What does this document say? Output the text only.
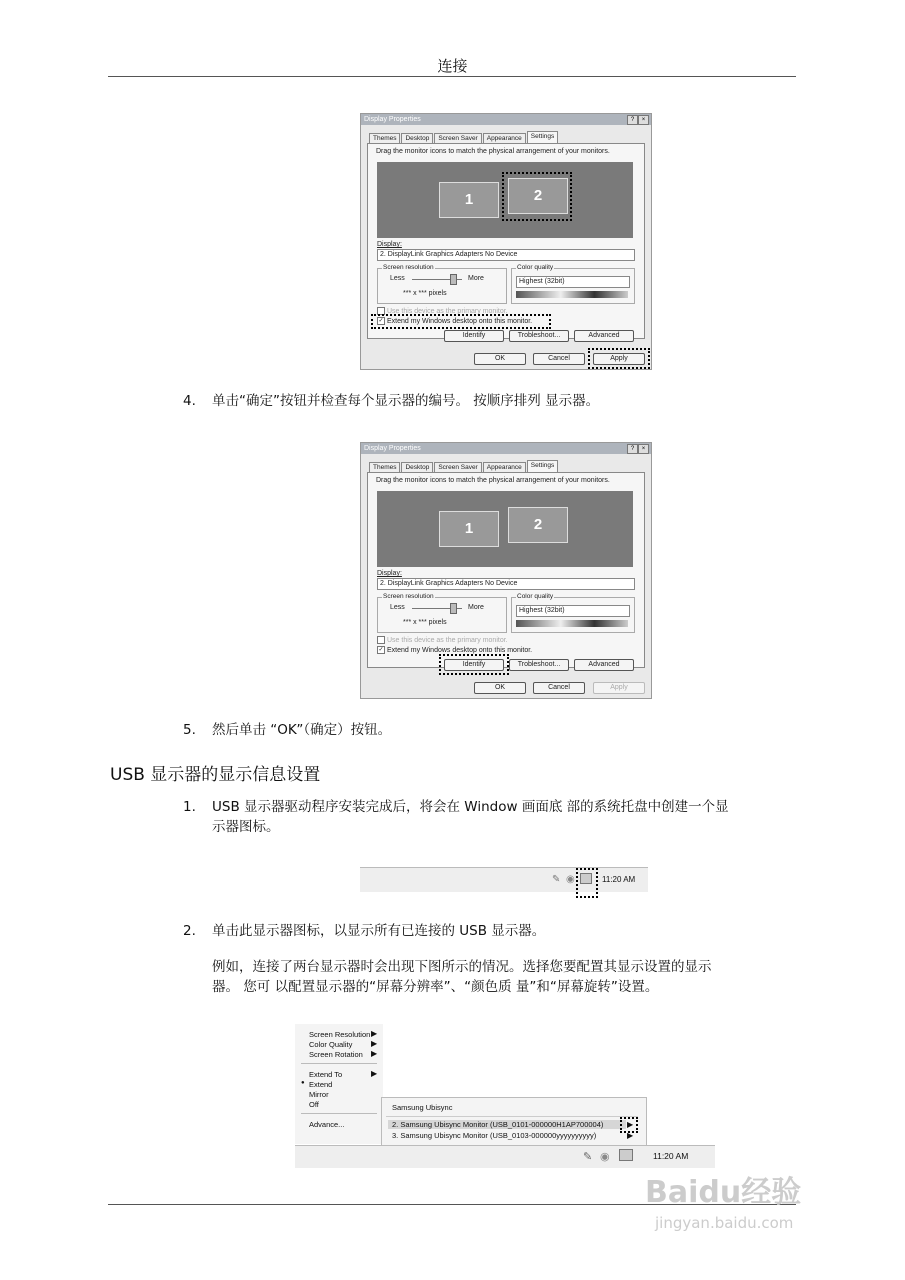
连接
Display Properties	?	×
Themes Desktop Screen Saver Appearance Settings
Drag the monitor icons to match the physical arrangement of your monitors.
1	2
Display:
2. DisplayLink Graphics Adapters No Device
Screen resolution
Less	More
*** x *** pixels
Color quality
Highest (32bit)
Use this device as the primary monitor.
✓ Extend my Windows desktop onto this monitor.
Identify	Trobleshoot...	Advanced
OK	Cancel	Apply
4. 单击“确定”按钮并检查每个显示器的编号。 按顺序排列 显示器。
Display Properties	?	×
Themes Desktop Screen Saver Appearance Settings
Drag the monitor icons to match the physical arrangement of your monitors.
1	2
Display:
2. DisplayLink Graphics Adapters No Device
Screen resolution
Less	More
*** x *** pixels
Color quality
Highest (32bit)
Use this device as the primary monitor.
✓ Extend my Windows desktop onto this monitor.
Identify	Trobleshoot...	Advanced
OK	Cancel	Apply
5. 然后单击 “OK”（确定）按钮。
USB 显示器的显示信息设置
1. USB 显示器驱动程序安装完成后，将会在 Window 画面底 部的系统托盘中创建一个显
示器图标。
✎ ◉	11:20 AM
2. 单击此显示器图标，以显示所有已连接的 USB 显示器。
例如，连接了两台显示器时会出现下图所示的情况。选择您要配置其显示设置的显示
器。 您可 以配置显示器的“屏幕分辨率”、“颜色质 量”和“屏幕旋转”设置。
Screen Resolution ▶
Color Quality ▶
Screen Rotation ▶
Extend To	▶
● Extend
Mirror
Off
Advance...
Samsung Ubisync
2. Samsung Ubisync Monitor (USB_0101-000000H1AP700004)	▶
3. Samsung Ubisync Monitor (USB_0103-000000yyyyyyyyyy)	▶
✎ ◉	11:20 AM
Baidu经验
jingyan.baidu.com
